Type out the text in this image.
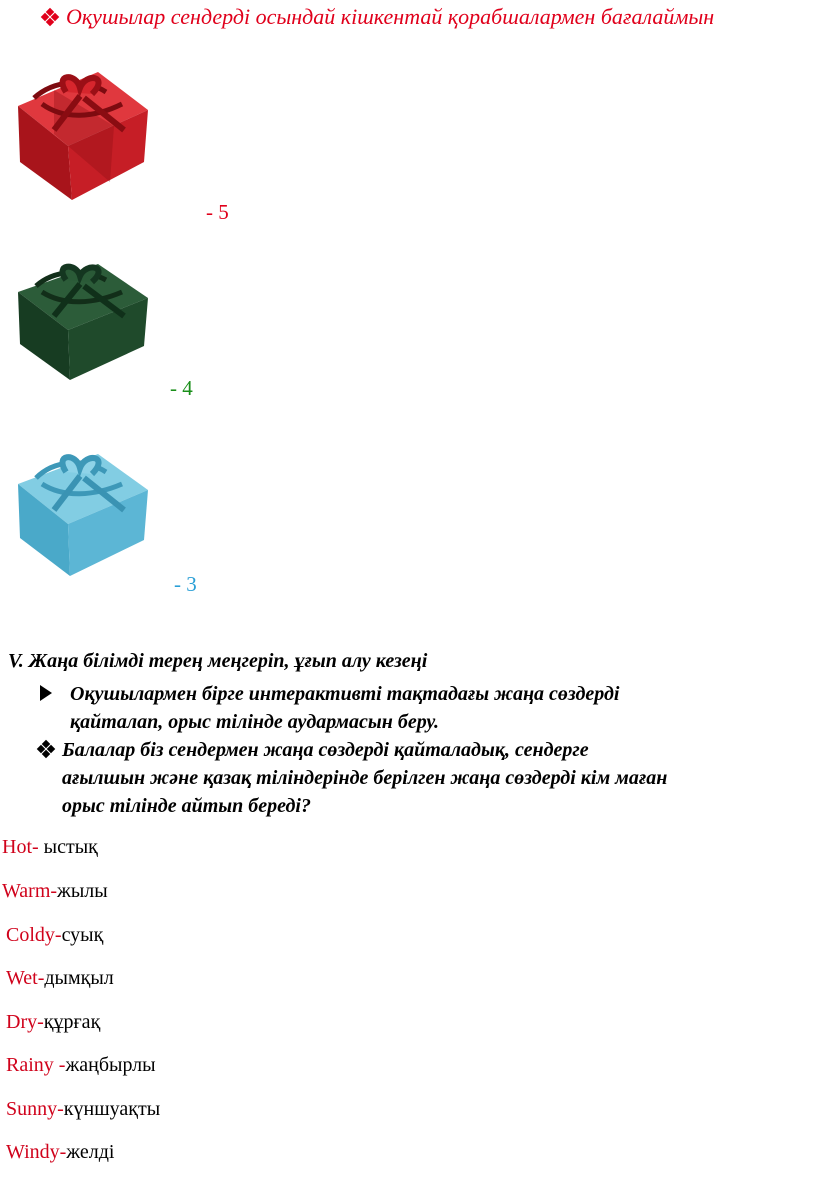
Оқушылар сендерді осындай кішкентай қорабшалармен бағалаймын
- 5
- 4
- 3
V. Жаңа білімді терең меңгеріп, ұғып алу кезеңі
Оқушылармен бірге интерактивті тақтадағы жаңа сөздерді
қайталап, орыс тілінде аудармасын беру.
Балалар біз сендермен жаңа сөздерді қайталадық, сендерге
ағылшын және қазақ тіліндерінде берілген жаңа сөздерді кім маған
орыс тілінде айтып береді?
Hot- ыстық
Warm-жылы
Coldy-суық
Wet-дымқыл
Dry-құрғақ
Rainy -жаңбырлы
Sunny-күншуақты
Windy-желді
